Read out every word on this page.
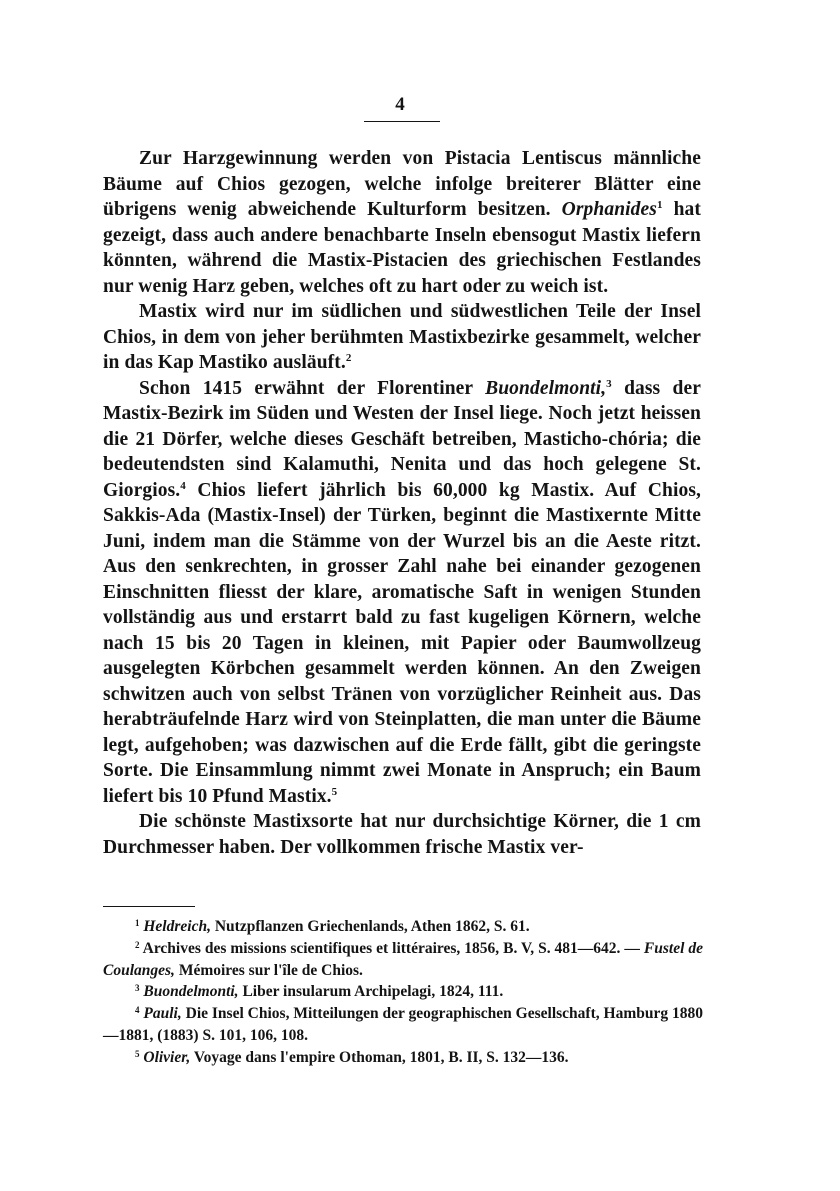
4

Zur Harzgewinnung werden von Pistacia Lentiscus männliche Bäume auf Chios gezogen, welche infolge breiterer Blätter eine übrigens wenig abweichende Kulturform besitzen. Orphanides$^1$ hat gezeigt, dass auch andere benachbarte Inseln ebensogut Mastix liefern könnten, während die Mastix-Pistacien des griechischen Festlandes nur wenig Harz geben, welches oft zu hart oder zu weich ist.

Mastix wird nur im südlichen und südwestlichen Teile der Insel Chios, in dem von jeher berühmten Mastixbezirke gesammelt, welcher in das Kap Mastiko ausläuft.$^2$

Schon 1415 erwähnt der Florentiner Buondelmonti,$^3$ dass der Mastix-Bezirk im Süden und Westen der Insel liege. Noch jetzt heissen die 21 Dörfer, welche dieses Geschäft betreiben, Masticho-chória; die bedeutendsten sind Kalamuthi, Nenita und das hoch gelegene St. Giorgios.$^4$ Chios liefert jährlich bis 60,000 kg Mastix. Auf Chios, Sakkis-Ada (Mastix-Insel) der Türken, beginnt die Mastixernte Mitte Juni, indem man die Stämme von der Wurzel bis an die Aeste ritzt. Aus den senkrechten, in grosser Zahl nahe bei einander gezogenen Einschnitten fliesst der klare, aromatische Saft in wenigen Stunden vollständig aus und erstarrt bald zu fast kugeligen Körnern, welche nach 15 bis 20 Tagen in kleinen, mit Papier oder Baumwollzeug ausgelegten Körbchen gesammelt werden können. An den Zweigen schwitzen auch von selbst Tränen von vorzüglicher Reinheit aus. Das herabträufelnde Harz wird von Steinplatten, die man unter die Bäume legt, aufgehoben; was dazwischen auf die Erde fällt, gibt die geringste Sorte. Die Einsammlung nimmt zwei Monate in Anspruch; ein Baum liefert bis 10 Pfund Mastix.$^5$

Die schönste Mastixsorte hat nur durchsichtige Körner, die 1 cm Durchmesser haben. Der vollkommen frische Mastix ver-

$^1$ Heldreich, Nutzpflanzen Griechenlands, Athen 1862, S. 61.

$^2$ Archives des missions scientifiques et littéraires, 1856, B. V, S. 481—642. — Fustel de Coulanges, Mémoires sur l'île de Chios.

$^3$ Buondelmonti, Liber insularum Archipelagi, 1824, 111.

$^4$ Pauli, Die Insel Chios, Mitteilungen der geographischen Gesellschaft, Hamburg 1880—1881, (1883) S. 101, 106, 108.

$^5$ Olivier, Voyage dans l'empire Othoman, 1801, B. II, S. 132—136.
